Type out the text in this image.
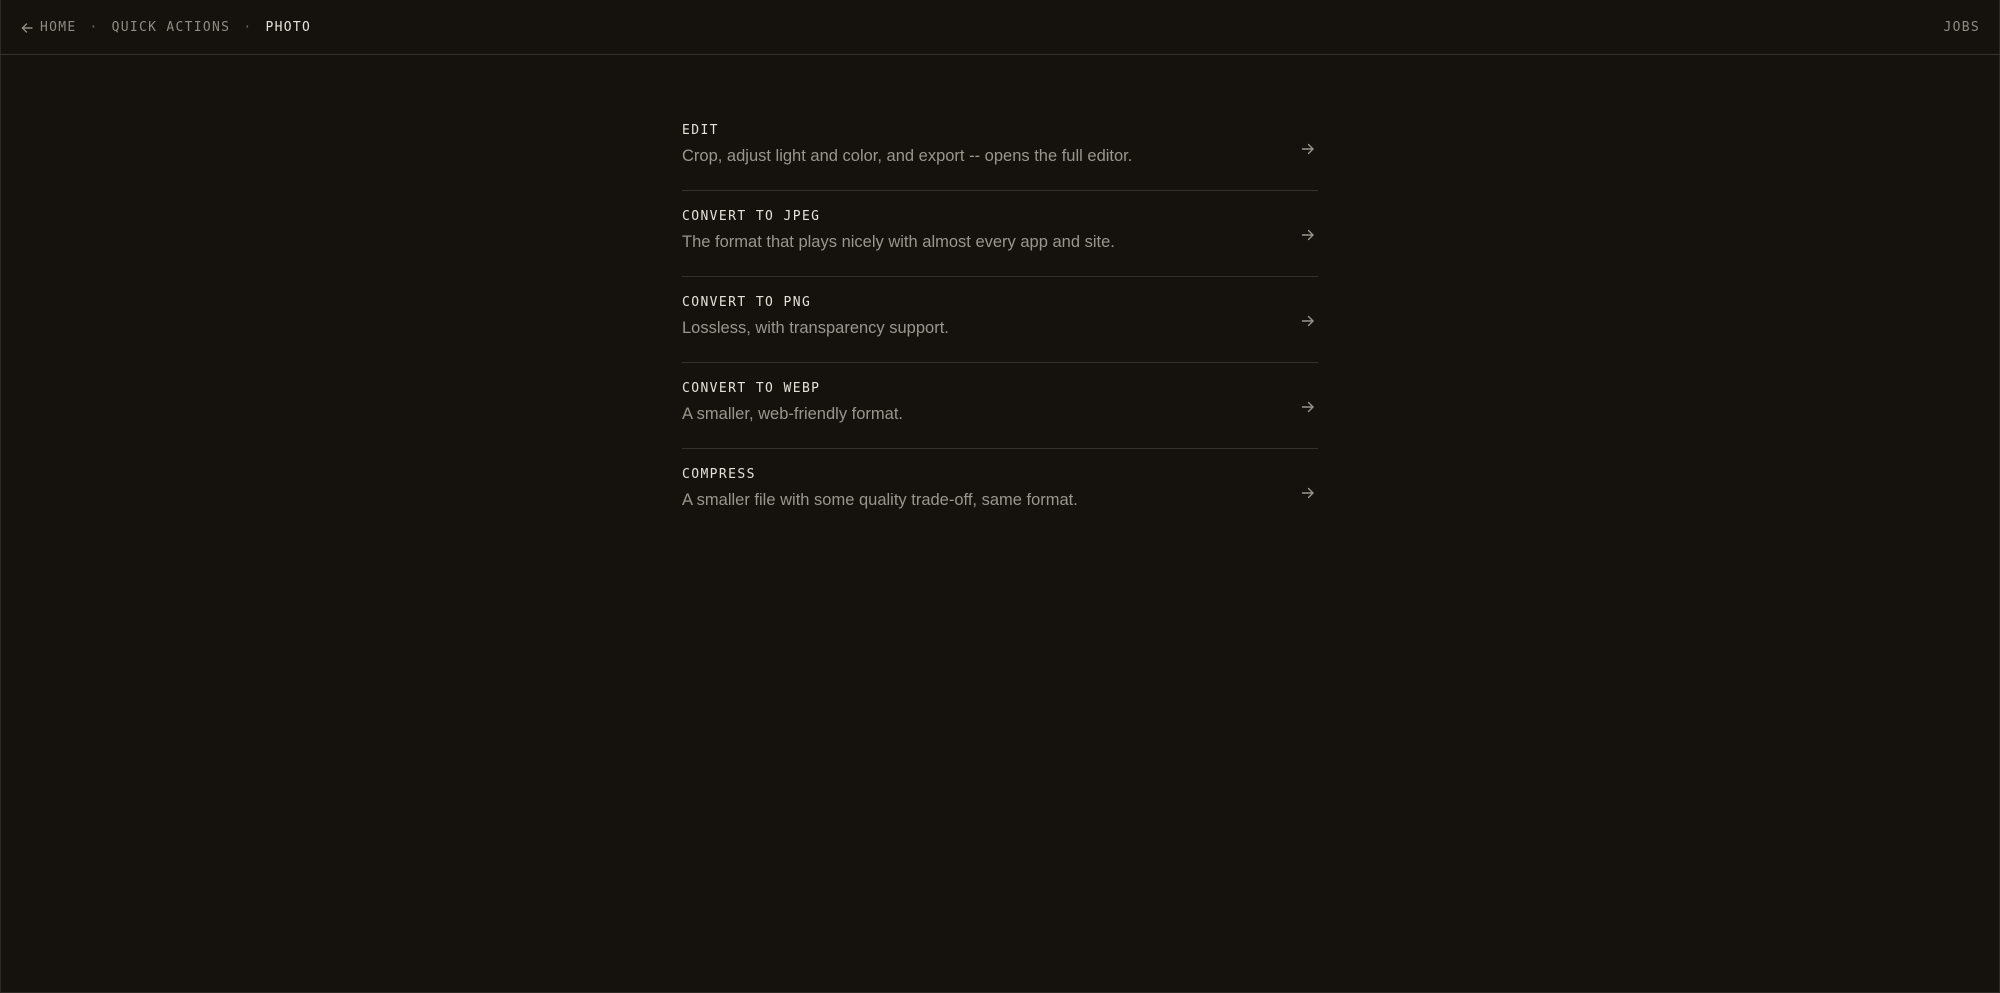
HOME · QUICK ACTIONS · PHOTO	JOBS
EDIT
Crop, adjust light and color, and export -- opens the full editor.
CONVERT TO JPEG
The format that plays nicely with almost every app and site.
CONVERT TO PNG
Lossless, with transparency support.
CONVERT TO WEBP
A smaller, web-friendly format.
COMPRESS
A smaller file with some quality trade-off, same format.
